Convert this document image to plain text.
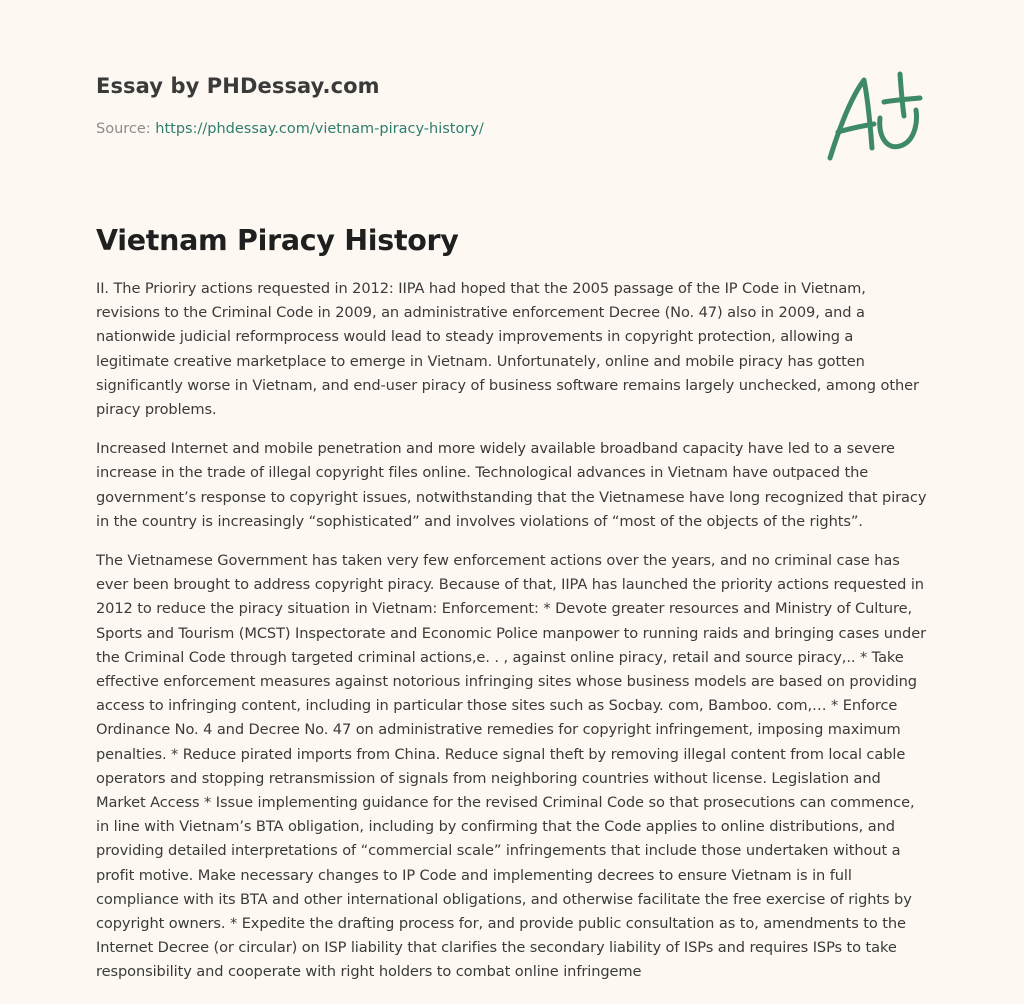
Essay by PHDessay.com
Source: https://phdessay.com/vietnam-piracy-history/
Vietnam Piracy History

II. The Prioriry actions requested in 2012: IIPA had hoped that the 2005 passage of the IP Code in Vietnam, revisions to the Criminal Code in 2009, an administrative enforcement Decree (No. 47) also in 2009, and a nationwide judicial reformprocess would lead to steady improvements in copyright protection, allowing a legitimate creative marketplace to emerge in Vietnam. Unfortunately, online and mobile piracy has gotten significantly worse in Vietnam, and end-user piracy of business software remains largely unchecked, among other piracy problems.

Increased Internet and mobile penetration and more widely available broadband capacity have led to a severe increase in the trade of illegal copyright files online. Technological advances in Vietnam have outpaced the government’s response to copyright issues, notwithstanding that the Vietnamese have long recognized that piracy in the country is increasingly “sophisticated” and involves violations of “most of the objects of the rights”.

The Vietnamese Government has taken very few enforcement actions over the years, and no criminal case has ever been brought to address copyright piracy. Because of that, IIPA has launched the priority actions requested in 2012 to reduce the piracy situation in Vietnam: Enforcement: * Devote greater resources and Ministry of Culture, Sports and Tourism (MCST) Inspectorate and Economic Police manpower to running raids and bringing cases under the Criminal Code through targeted criminal actions,e. . , against online piracy, retail and source piracy,.. * Take effective enforcement measures against notorious infringing sites whose business models are based on providing access to infringing content, including in particular those sites such as Socbay. com, Bamboo. com,… * Enforce Ordinance No. 4 and Decree No. 47 on administrative remedies for copyright infringement, imposing maximum penalties. * Reduce pirated imports from China. Reduce signal theft by removing illegal content from local cable operators and stopping retransmission of signals from neighboring countries without license. Legislation and Market Access * Issue implementing guidance for the revised Criminal Code so that prosecutions can commence, in line with Vietnam’s BTA obligation, including by confirming that the Code applies to online distributions, and providing detailed interpretations of “commercial scale” infringements that include those undertaken without a profit motive. Make necessary changes to IP Code and implementing decrees to ensure Vietnam is in full compliance with its BTA and other international obligations, and otherwise facilitate the free exercise of rights by copyright owners. * Expedite the drafting process for, and provide public consultation as to, amendments to the Internet Decree (or circular) on ISP liability that clarifies the secondary liability of ISPs and requires ISPs to take responsibility and cooperate with right holders to combat online infringeme
